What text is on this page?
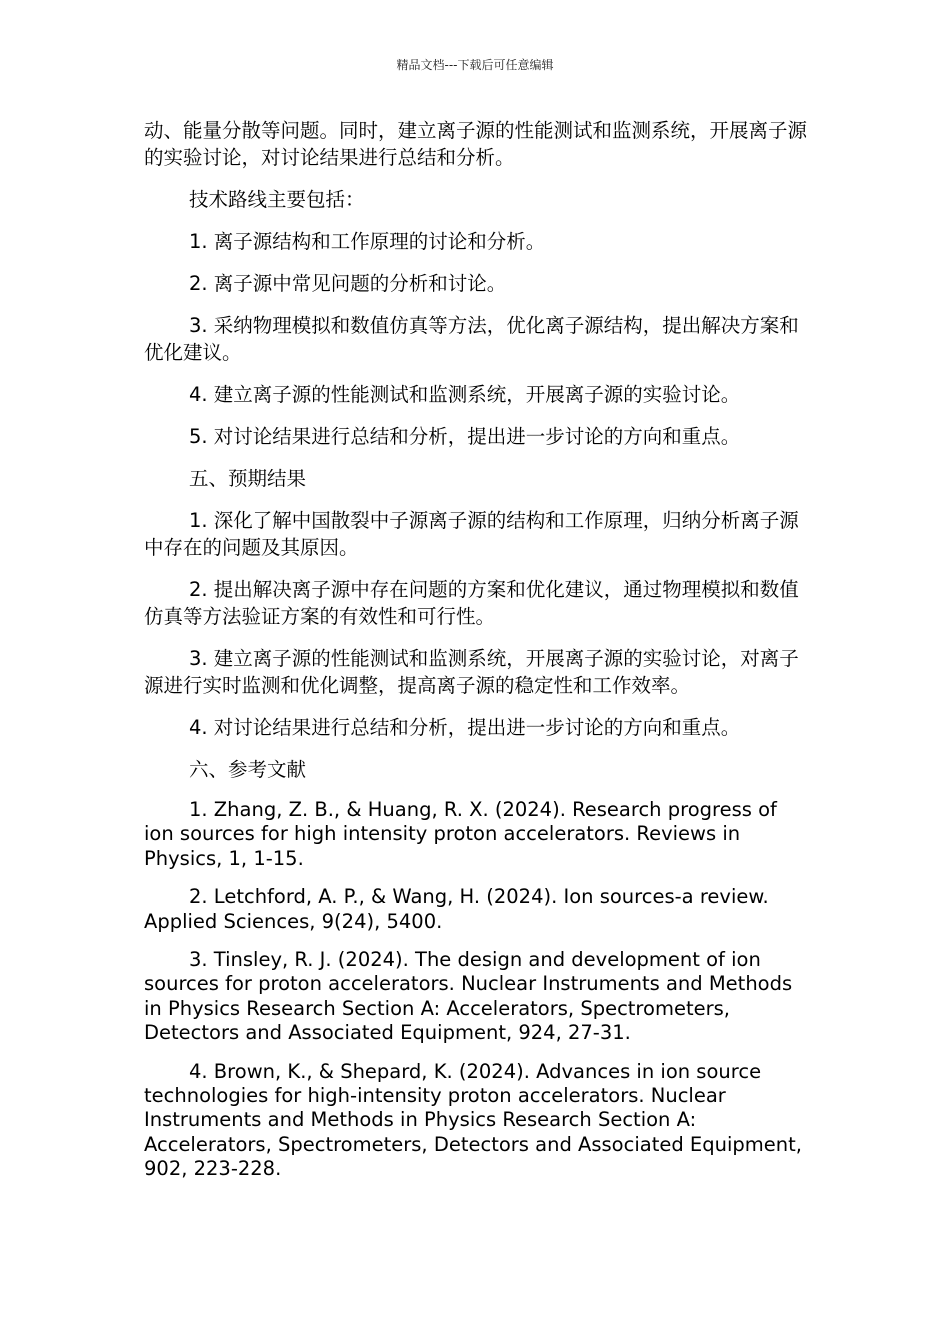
精品文档---下载后可任意编辑

动、能量分散等问题。同时，建立离子源的性能测试和监测系统，开展离子源的实验讨论，对讨论结果进行总结和分析。

技术路线主要包括：

1. 离子源结构和工作原理的讨论和分析。

2. 离子源中常见问题的分析和讨论。

3. 采纳物理模拟和数值仿真等方法，优化离子源结构，提出解决方案和优化建议。

4. 建立离子源的性能测试和监测系统，开展离子源的实验讨论。

5. 对讨论结果进行总结和分析，提出进一步讨论的方向和重点。

五、预期结果

1. 深化了解中国散裂中子源离子源的结构和工作原理，归纳分析离子源中存在的问题及其原因。

2. 提出解决离子源中存在问题的方案和优化建议，通过物理模拟和数值仿真等方法验证方案的有效性和可行性。

3. 建立离子源的性能测试和监测系统，开展离子源的实验讨论，对离子源进行实时监测和优化调整，提高离子源的稳定性和工作效率。

4. 对讨论结果进行总结和分析，提出进一步讨论的方向和重点。

六、参考文献

1. Zhang, Z. B., & Huang, R. X. (2024). Research progress of ion sources for high intensity proton accelerators. Reviews in Physics, 1, 1-15.

2. Letchford, A. P., & Wang, H. (2024). Ion sources-a review. Applied Sciences, 9(24), 5400.

3. Tinsley, R. J. (2024). The design and development of ion sources for proton accelerators. Nuclear Instruments and Methods in Physics Research Section A: Accelerators, Spectrometers, Detectors and Associated Equipment, 924, 27-31.

4. Brown, K., & Shepard, K. (2024). Advances in ion source technologies for high-intensity proton accelerators. Nuclear Instruments and Methods in Physics Research Section A: Accelerators, Spectrometers, Detectors and Associated Equipment, 902, 223-228.
